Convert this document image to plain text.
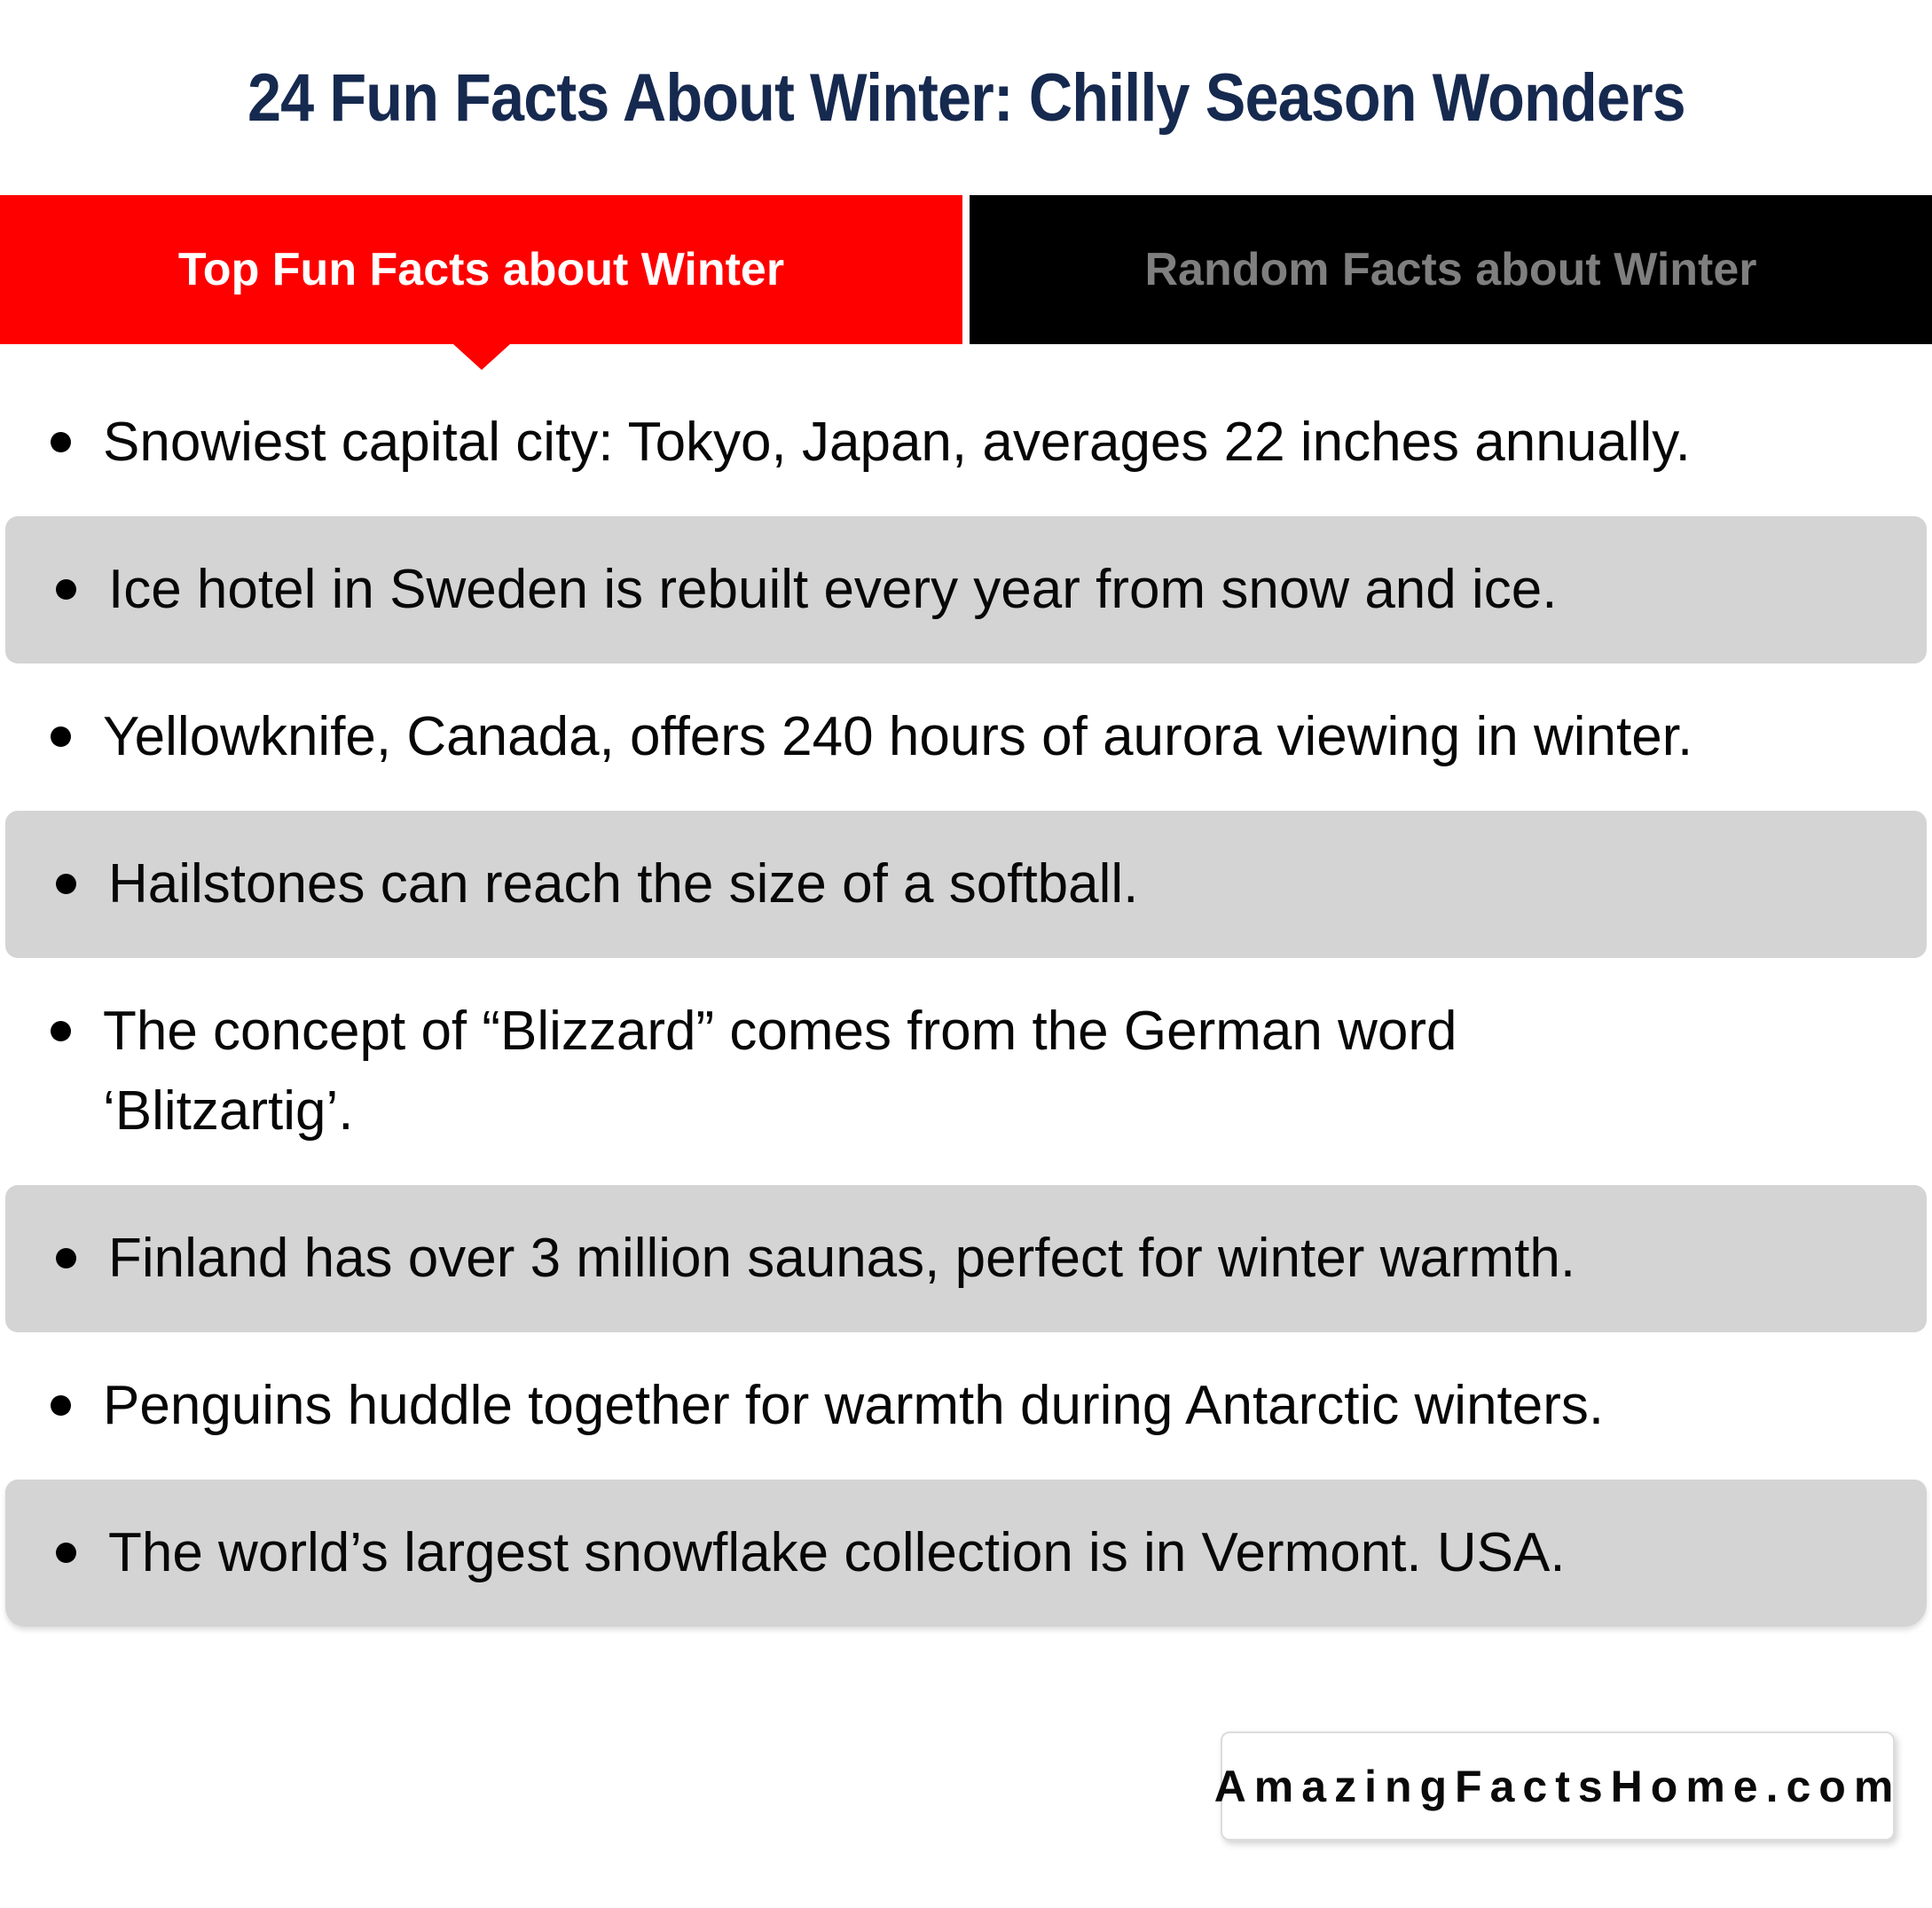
24 Fun Facts About Winter: Chilly Season Wonders
Top Fun Facts about Winter	Random Facts about Winter
Snowiest capital city: Tokyo, Japan, averages 22 inches annually.
Ice hotel in Sweden is rebuilt every year from snow and ice.
Yellowknife, Canada, offers 240 hours of aurora viewing in winter.
Hailstones can reach the size of a softball.
The concept of “Blizzard” comes from the German word ‘Blitzartig’.
Finland has over 3 million saunas, perfect for winter warmth.
Penguins huddle together for warmth during Antarctic winters.
The world’s largest snowflake collection is in Vermont. USA.
AmazingFactsHome.com
